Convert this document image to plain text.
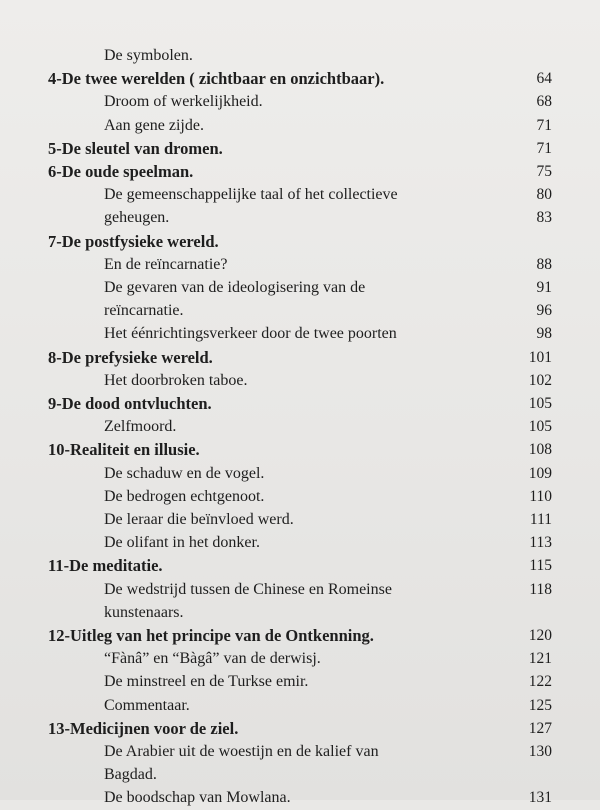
De symbolen.
4-De twee werelden ( zichtbaar en onzichtbaar).	64
Droom of werkelijkheid.	68
Aan gene zijde.	71
5-De sleutel van dromen.	71
6-De oude speelman.	75
De gemeenschappelijke taal of het collectieve	80
geheugen.	83
7-De postfysieke wereld.
En de reïncarnatie?	88
De gevaren van de ideologisering van de	91
reïncarnatie.	96
Het éénrichtingsverkeer door de twee poorten	98
8-De prefysieke wereld.	101
Het doorbroken taboe.	102
9-De dood ontvluchten.	105
Zelfmoord.	105
10-Realiteit en illusie.	108
De schaduw en de vogel.	109
De bedrogen echtgenoot.	110
De leraar die beïnvloed werd.	111
De olifant in het donker.	113
11-De meditatie.	115
De wedstrijd tussen de Chinese en Romeinse	118
kunstenaars.
12-Uitleg van het principe van de Ontkenning.	120
“Fànâ” en “Bàgâ” van de derwisj.	121
De minstreel en de Turkse emir.	122
Commentaar.	125
13-Medicijnen voor de ziel.	127
De Arabier uit de woestijn en de kalief van	130
Bagdad.
De boodschap van Mowlana.	131
